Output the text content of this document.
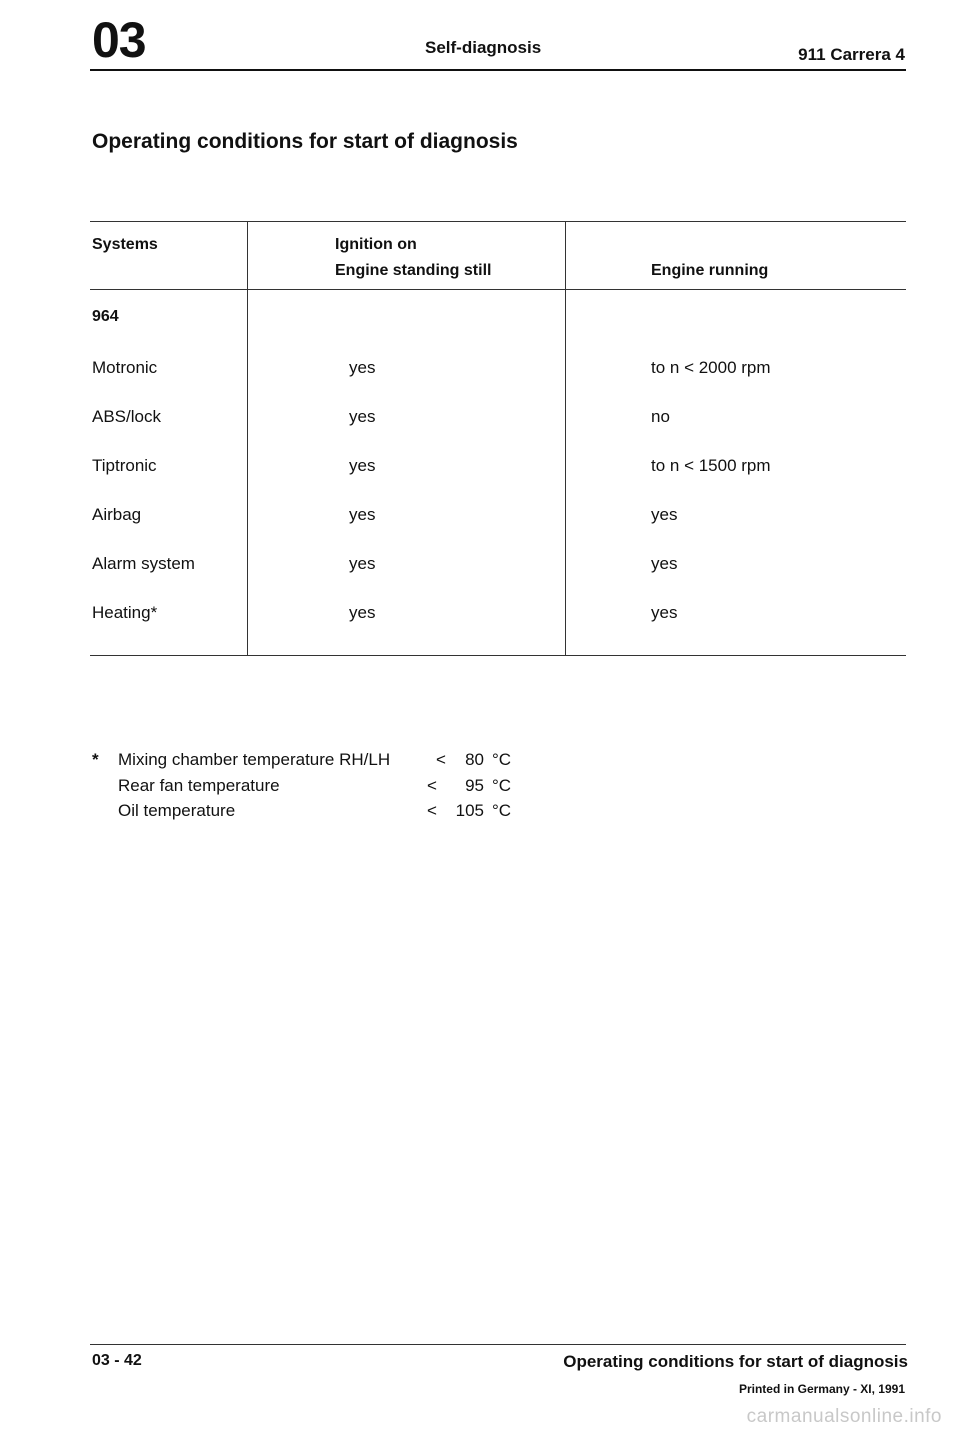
03	Self-diagnosis	911 Carrera 4
Operating conditions for start of diagnosis
Systems	Ignition on
Engine standing still	Engine running
964
Motronic	yes	to n < 2000 rpm
ABS/lock	yes	no
Tiptronic	yes	to n < 1500 rpm
Airbag	yes	yes
Alarm system	yes	yes
Heating*	yes	yes
* Mixing chamber temperature RH/LH	<	80 °C
Rear fan temperature	<	95 °C
Oil temperature	<	105 °C
03 - 42	Operating conditions for start of diagnosis
Printed in Germany - XI, 1991
carmanualsonline.info
